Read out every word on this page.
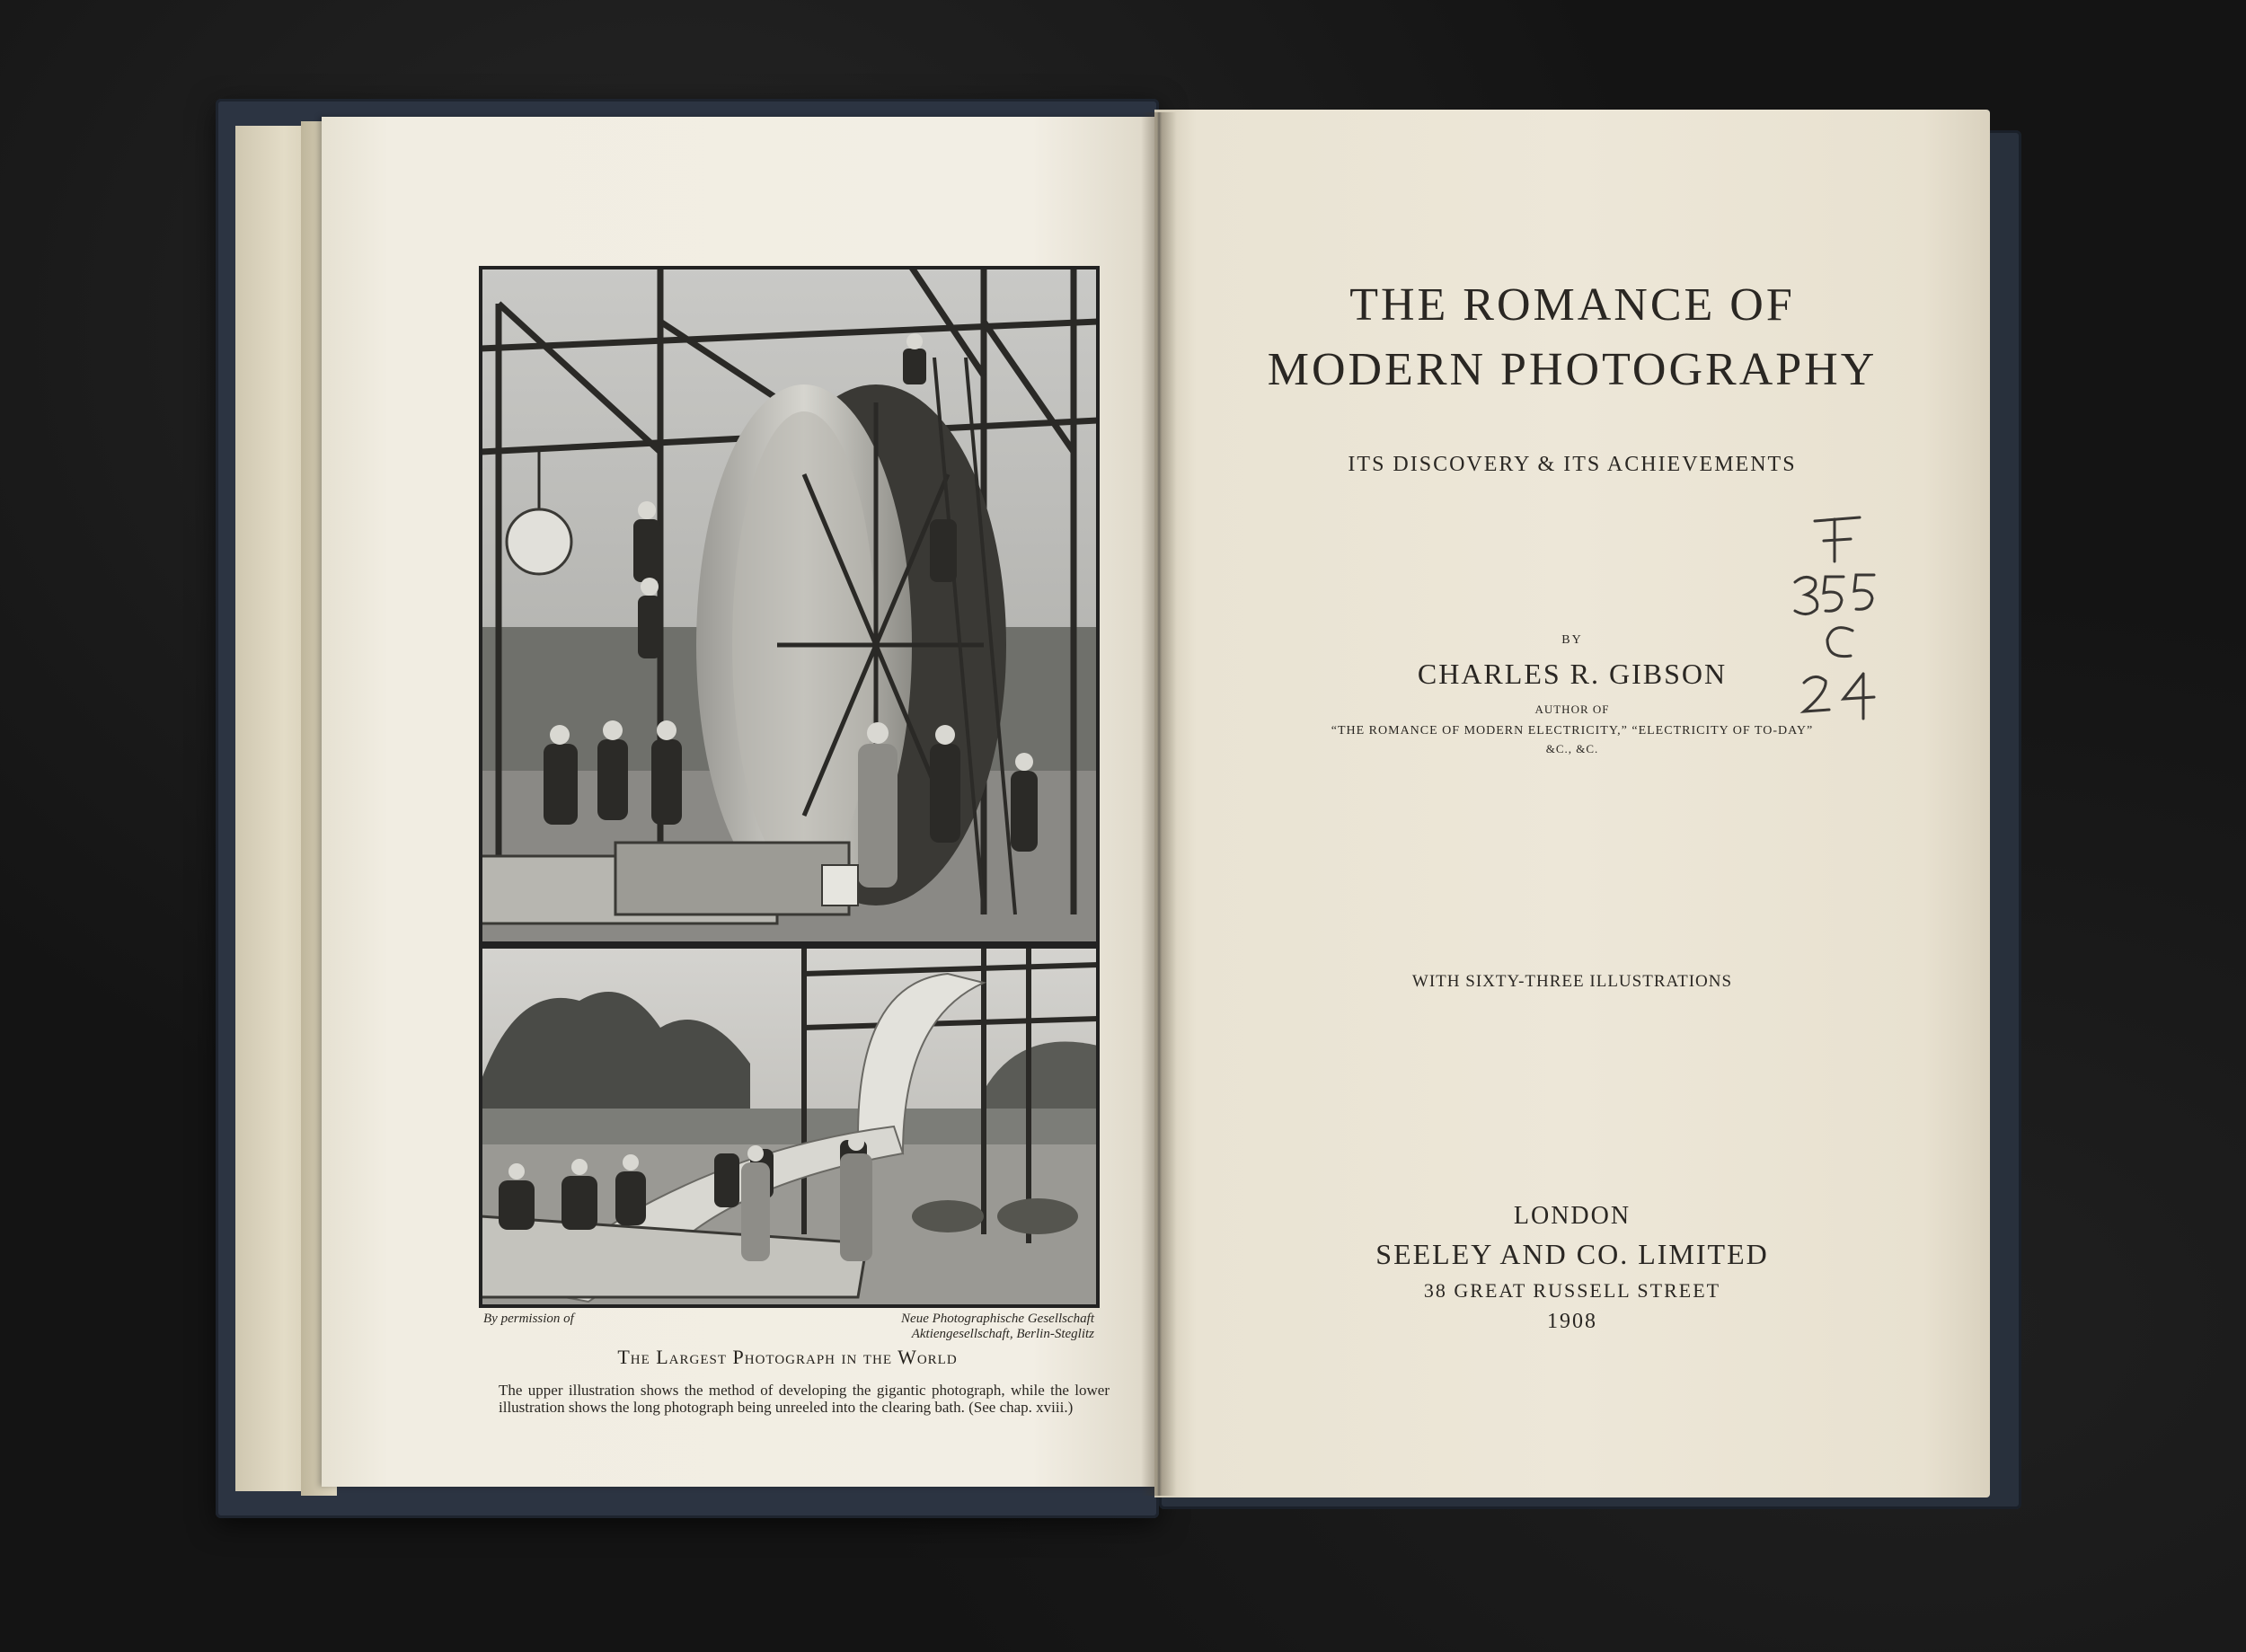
By permission of	Neue Photographische Gesellschaft
Aktiengesellschaft, Berlin-Steglitz
The Largest Photograph in the World
The upper illustration shows the method of developing the gigantic photograph, while the lower illustration shows the long photograph being unreeled into the clearing bath. (See chap. xviii.)
THE ROMANCE OF
MODERN PHOTOGRAPHY
ITS DISCOVERY & ITS ACHIEVEMENTS
BY
CHARLES R. GIBSON
AUTHOR OF
“THE ROMANCE OF MODERN ELECTRICITY,” “ELECTRICITY OF TO-DAY”
&C., &C.
WITH SIXTY-THREE ILLUSTRATIONS
LONDON
SEELEY AND CO. LIMITED
38 GREAT RUSSELL STREET
1908
